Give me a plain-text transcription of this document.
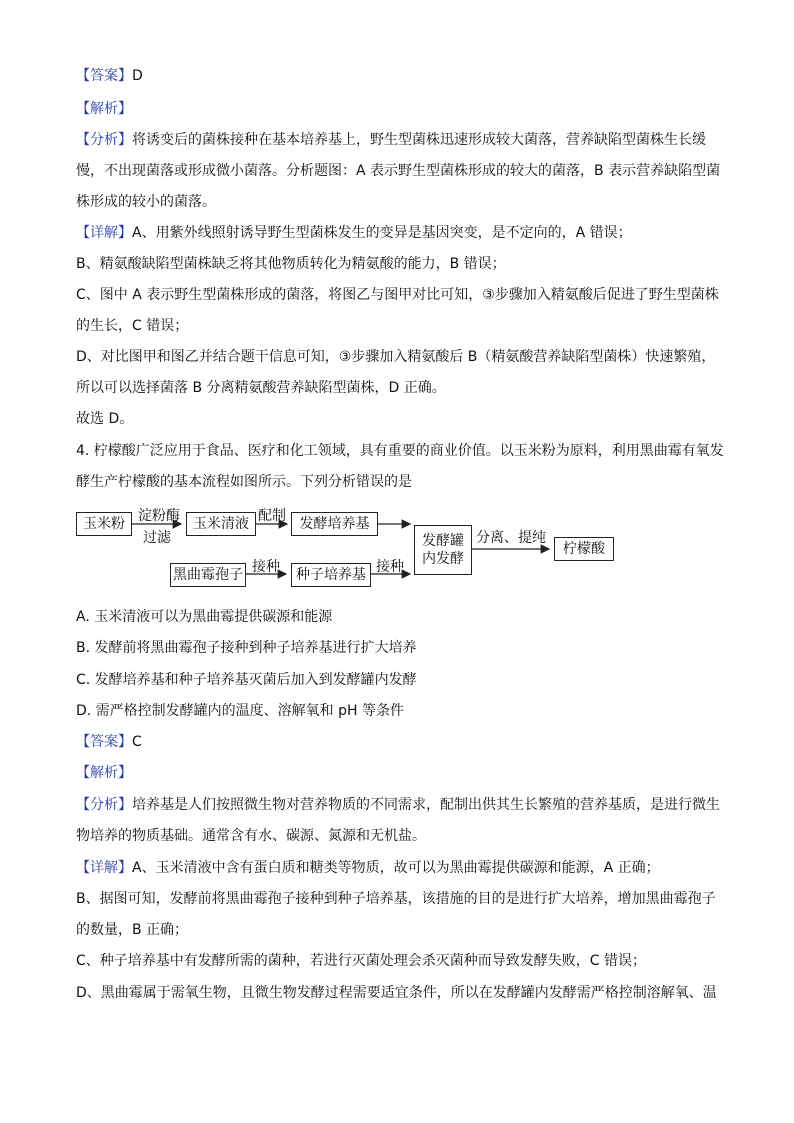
【答案】D
【解析】
【分析】将诱变后的菌株接种在基本培养基上，野生型菌株迅速形成较大菌落，营养缺陷型菌株生长缓
慢，不出现菌落或形成微小菌落。分析题图：A 表示野生型菌株形成的较大的菌落，B 表示营养缺陷型菌
株形成的较小的菌落。
【详解】A、用紫外线照射诱导野生型菌株发生的变异是基因突变，是不定向的，A 错误；
B、精氨酸缺陷型菌株缺乏将其他物质转化为精氨酸的能力，B 错误；
C、图中 A 表示野生型菌株形成的菌落，将图乙与图甲对比可知，③步骤加入精氨酸后促进了野生型菌株
的生长，C 错误；
D、对比图甲和图乙并结合题干信息可知，③步骤加入精氨酸后 B（精氨酸营养缺陷型菌株）快速繁殖，
所以可以选择菌落 B 分离精氨酸营养缺陷型菌株，D 正确。
故选 D。
4. 柠檬酸广泛应用于食品、医疗和化工领域，具有重要的商业价值。以玉米粉为原料，利用黑曲霉有氧发
酵生产柠檬酸的基本流程如图所示。下列分析错误的是
玉米粉 淀粉酶
过滤
玉米清液 配制 发酵培养基
发酵罐
内发酵
分离、提纯
柠檬酸
黑曲霉孢子 接种	种子培养基 接种
A. 玉米清液可以为黑曲霉提供碳源和能源
B. 发酵前将黑曲霉孢子接种到种子培养基进行扩大培养
C. 发酵培养基和种子培养基灭菌后加入到发酵罐内发酵
D. 需严格控制发酵罐内的温度、溶解氧和 pH 等条件
【答案】C
【解析】
【分析】培养基是人们按照微生物对营养物质的不同需求，配制出供其生长繁殖的营养基质，是进行微生
物培养的物质基础。通常含有水、碳源、氮源和无机盐。
【详解】A、玉米清液中含有蛋白质和糖类等物质，故可以为黑曲霉提供碳源和能源，A 正确；
B、据图可知，发酵前将黑曲霉孢子接种到种子培养基，该措施的目的是进行扩大培养，增加黑曲霉孢子
的数量，B 正确；
C、种子培养基中有发酵所需的菌种，若进行灭菌处理会杀灭菌种而导致发酵失败，C 错误；
D、黑曲霉属于需氧生物，且微生物发酵过程需要适宜条件，所以在发酵罐内发酵需严格控制溶解氧、温
